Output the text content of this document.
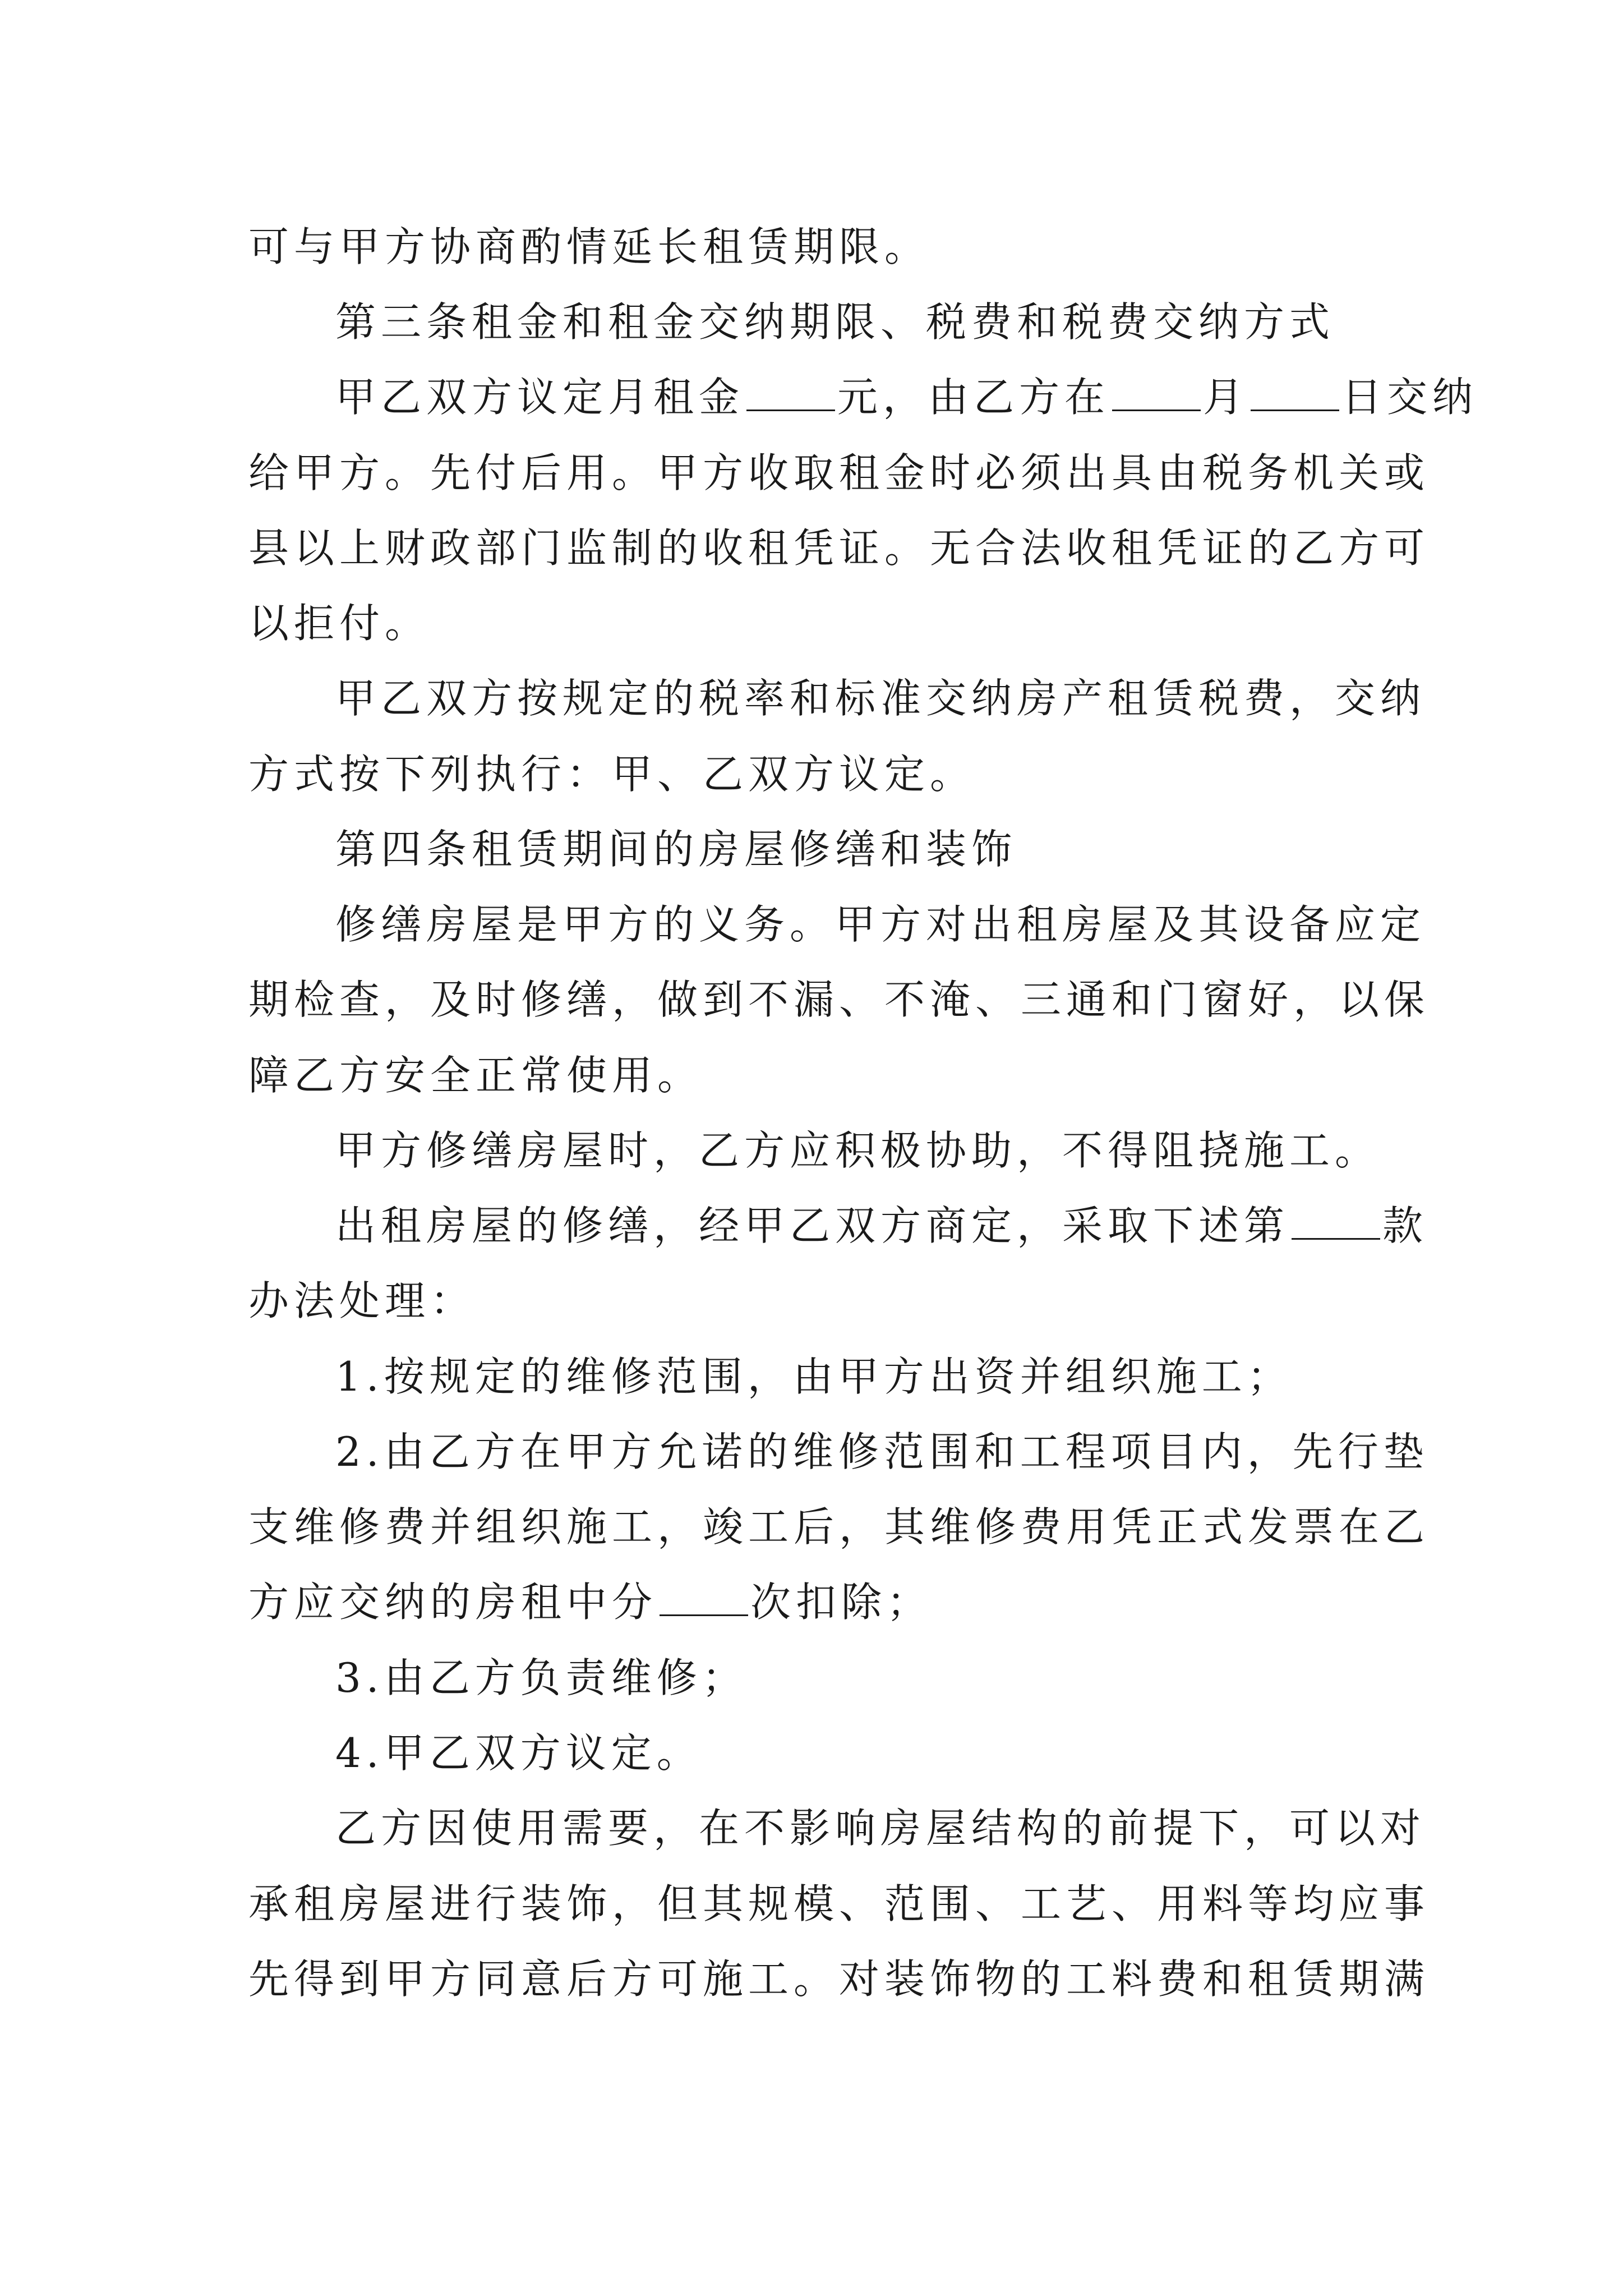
可与甲方协商酌情延长租赁期限。
第三条租金和租金交纳期限、税费和税费交纳方式
甲乙双方议定月租金 元，由乙方在 月 日交纳
给甲方。先付后用。甲方收取租金时必须出具由税务机关或
县以上财政部门监制的收租凭证。无合法收租凭证的乙方可
以拒付。
甲乙双方按规定的税率和标准交纳房产租赁税费，交纳
方式按下列执行：甲、乙双方议定。
第四条租赁期间的房屋修缮和装饰
修缮房屋是甲方的义务。甲方对出租房屋及其设备应定
期检查，及时修缮，做到不漏、不淹、三通和门窗好，以保
障乙方安全正常使用。
甲方修缮房屋时，乙方应积极协助，不得阻挠施工。
出租房屋的修缮，经甲乙双方商定，采取下述第 款
办法处理：
1.按规定的维修范围，由甲方出资并组织施工；
2.由乙方在甲方允诺的维修范围和工程项目内，先行垫
支维修费并组织施工，竣工后，其维修费用凭正式发票在乙
方应交纳的房租中分 次扣除；
3.由乙方负责维修；
4.甲乙双方议定。
乙方因使用需要，在不影响房屋结构的前提下，可以对
承租房屋进行装饰，但其规模、范围、工艺、用料等均应事
先得到甲方同意后方可施工。对装饰物的工料费和租赁期满
